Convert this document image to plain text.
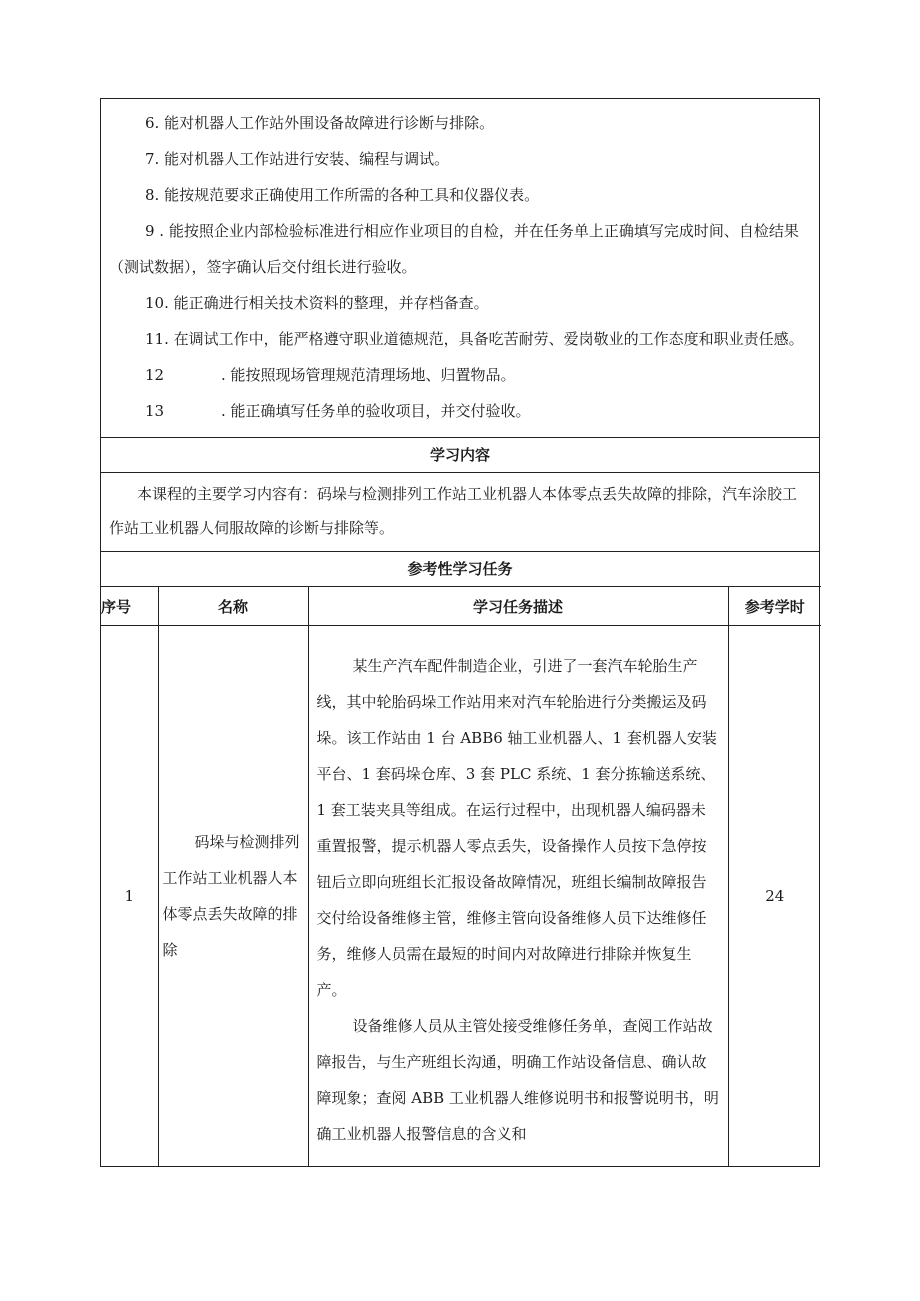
6. 能对机器人工作站外围设备故障进行诊断与排除。

7. 能对机器人工作站进行安装、编程与调试。

8. 能按规范要求正确使用工作所需的各种工具和仪器仪表。

9 . 能按照企业内部检验标准进行相应作业项目的自检，并在任务单上正确填写完成时间、自检结果（测试数据），签字确认后交付组长进行验收。

10. 能正确进行相关技术资料的整理，并存档备查。

11. 在调试工作中，能严格遵守职业道德规范，具备吃苦耐劳、爱岗敬业的工作态度和职业责任感。

12	. 能按照现场管理规范清理场地、归置物品。

13	. 能正确填写任务单的验收项目，并交付验收。

学习内容
本课程的主要学习内容有：码垛与检测排列工作站工业机器人本体零点丢失故障的排除，汽车涂胶工作站工业机器人伺服故障的诊断与排除等。
参考性学习任务
序号	名称	学习任务描述	参考学时
1	码垛与检测排列工作站工业机器人本体零点丢失故障的排除	某生产汽车配件制造企业，引进了一套汽车轮胎生产线，其中轮胎码垛工作站用来对汽车轮胎进行分类搬运及码垛。该工作站由 1 台 ABB6 轴工业机器人、1 套机器人安装平台、1 套码垛仓库、3 套 PLC 系统、1 套分拣输送系统、1 套工装夹具等组成。在运行过程中，出现机器人编码器未重置报警，提示机器人零点丢失，设备操作人员按下急停按钮后立即向班组长汇报设备故障情况，班组长编制故障报告交付给设备维修主管，维修主管向设备维修人员下达维修任务，维修人员需在最短的时间内对故障进行排除并恢复生产。

设备维修人员从主管处接受维修任务单，查阅工作站故障报告，与生产班组长沟通，明确工作站设备信息、确认故障现象；查阅 ABB 工业机器人维修说明书和报警说明书，明确工业机器人报警信息的含义和	24
